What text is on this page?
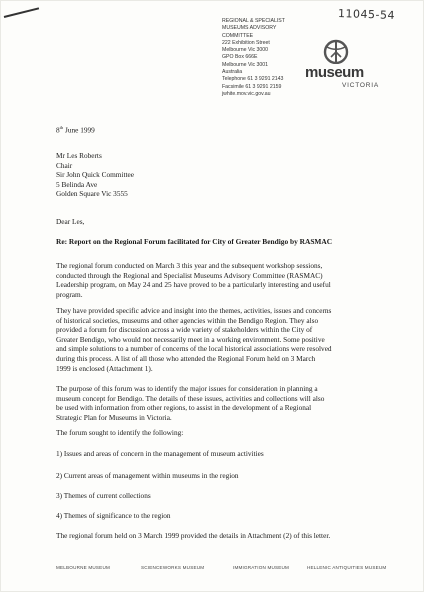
11045-54
REGIONAL & SPECIALIST
MUSEUMS ADVISORY
COMMITTEE
222 Exhibition Street
Melbourne Vic 3000
GPO Box 666E
Melbourne Vic 3001
Australia
Telephone 61 3 9291 2143
Facsimile 61 3 9291 2159
jwhite.mov.vic.gov.au
museum
VICTORIA
8th June 1999
Mr Les Roberts
Chair
Sir John Quick Committee
5 Belinda Ave
Golden Square Vic 3555
Dear Les,
Re: Report on the Regional Forum facilitated for City of Greater Bendigo by RASMAC
The regional forum conducted on March 3 this year and the subsequent workshop sessions,
conducted through the Regional and Specialist Museums Advisory Committee (RASMAC)
Leadership program, on May 24 and 25 have proved to be a particularly interesting and useful
program.
They have provided specific advice and insight into the themes, activities, issues and concerns
of historical societies, museums and other agencies within the Bendigo Region. They also
provided a forum for discussion across a wide variety of stakeholders within the City of
Greater Bendigo, who would not necessarily meet in a working environment. Some positive
and simple solutions to a number of concerns of the local historical associations were resolved
during this process. A list of all those who attended the Regional Forum held on 3 March
1999 is enclosed (Attachment 1).
The purpose of this forum was to identify the major issues for consideration in planning a
museum concept for Bendigo. The details of these issues, activities and collections will also
be used with information from other regions, to assist in the development of a Regional
Strategic Plan for Museums in Victoria.
The forum sought to identify the following:
1) Issues and areas of concern in the management of museum activities
2) Current areas of management within museums in the region
3) Themes of current collections
4) Themes of significance to the region
The regional forum held on 3 March 1999 provided the details in Attachment (2) of this letter.
MELBOURNE MUSEUM	SCIENCEWORKS MUSEUM	IMMIGRATION MUSEUM	HELLENIC ANTIQUITIES MUSEUM
